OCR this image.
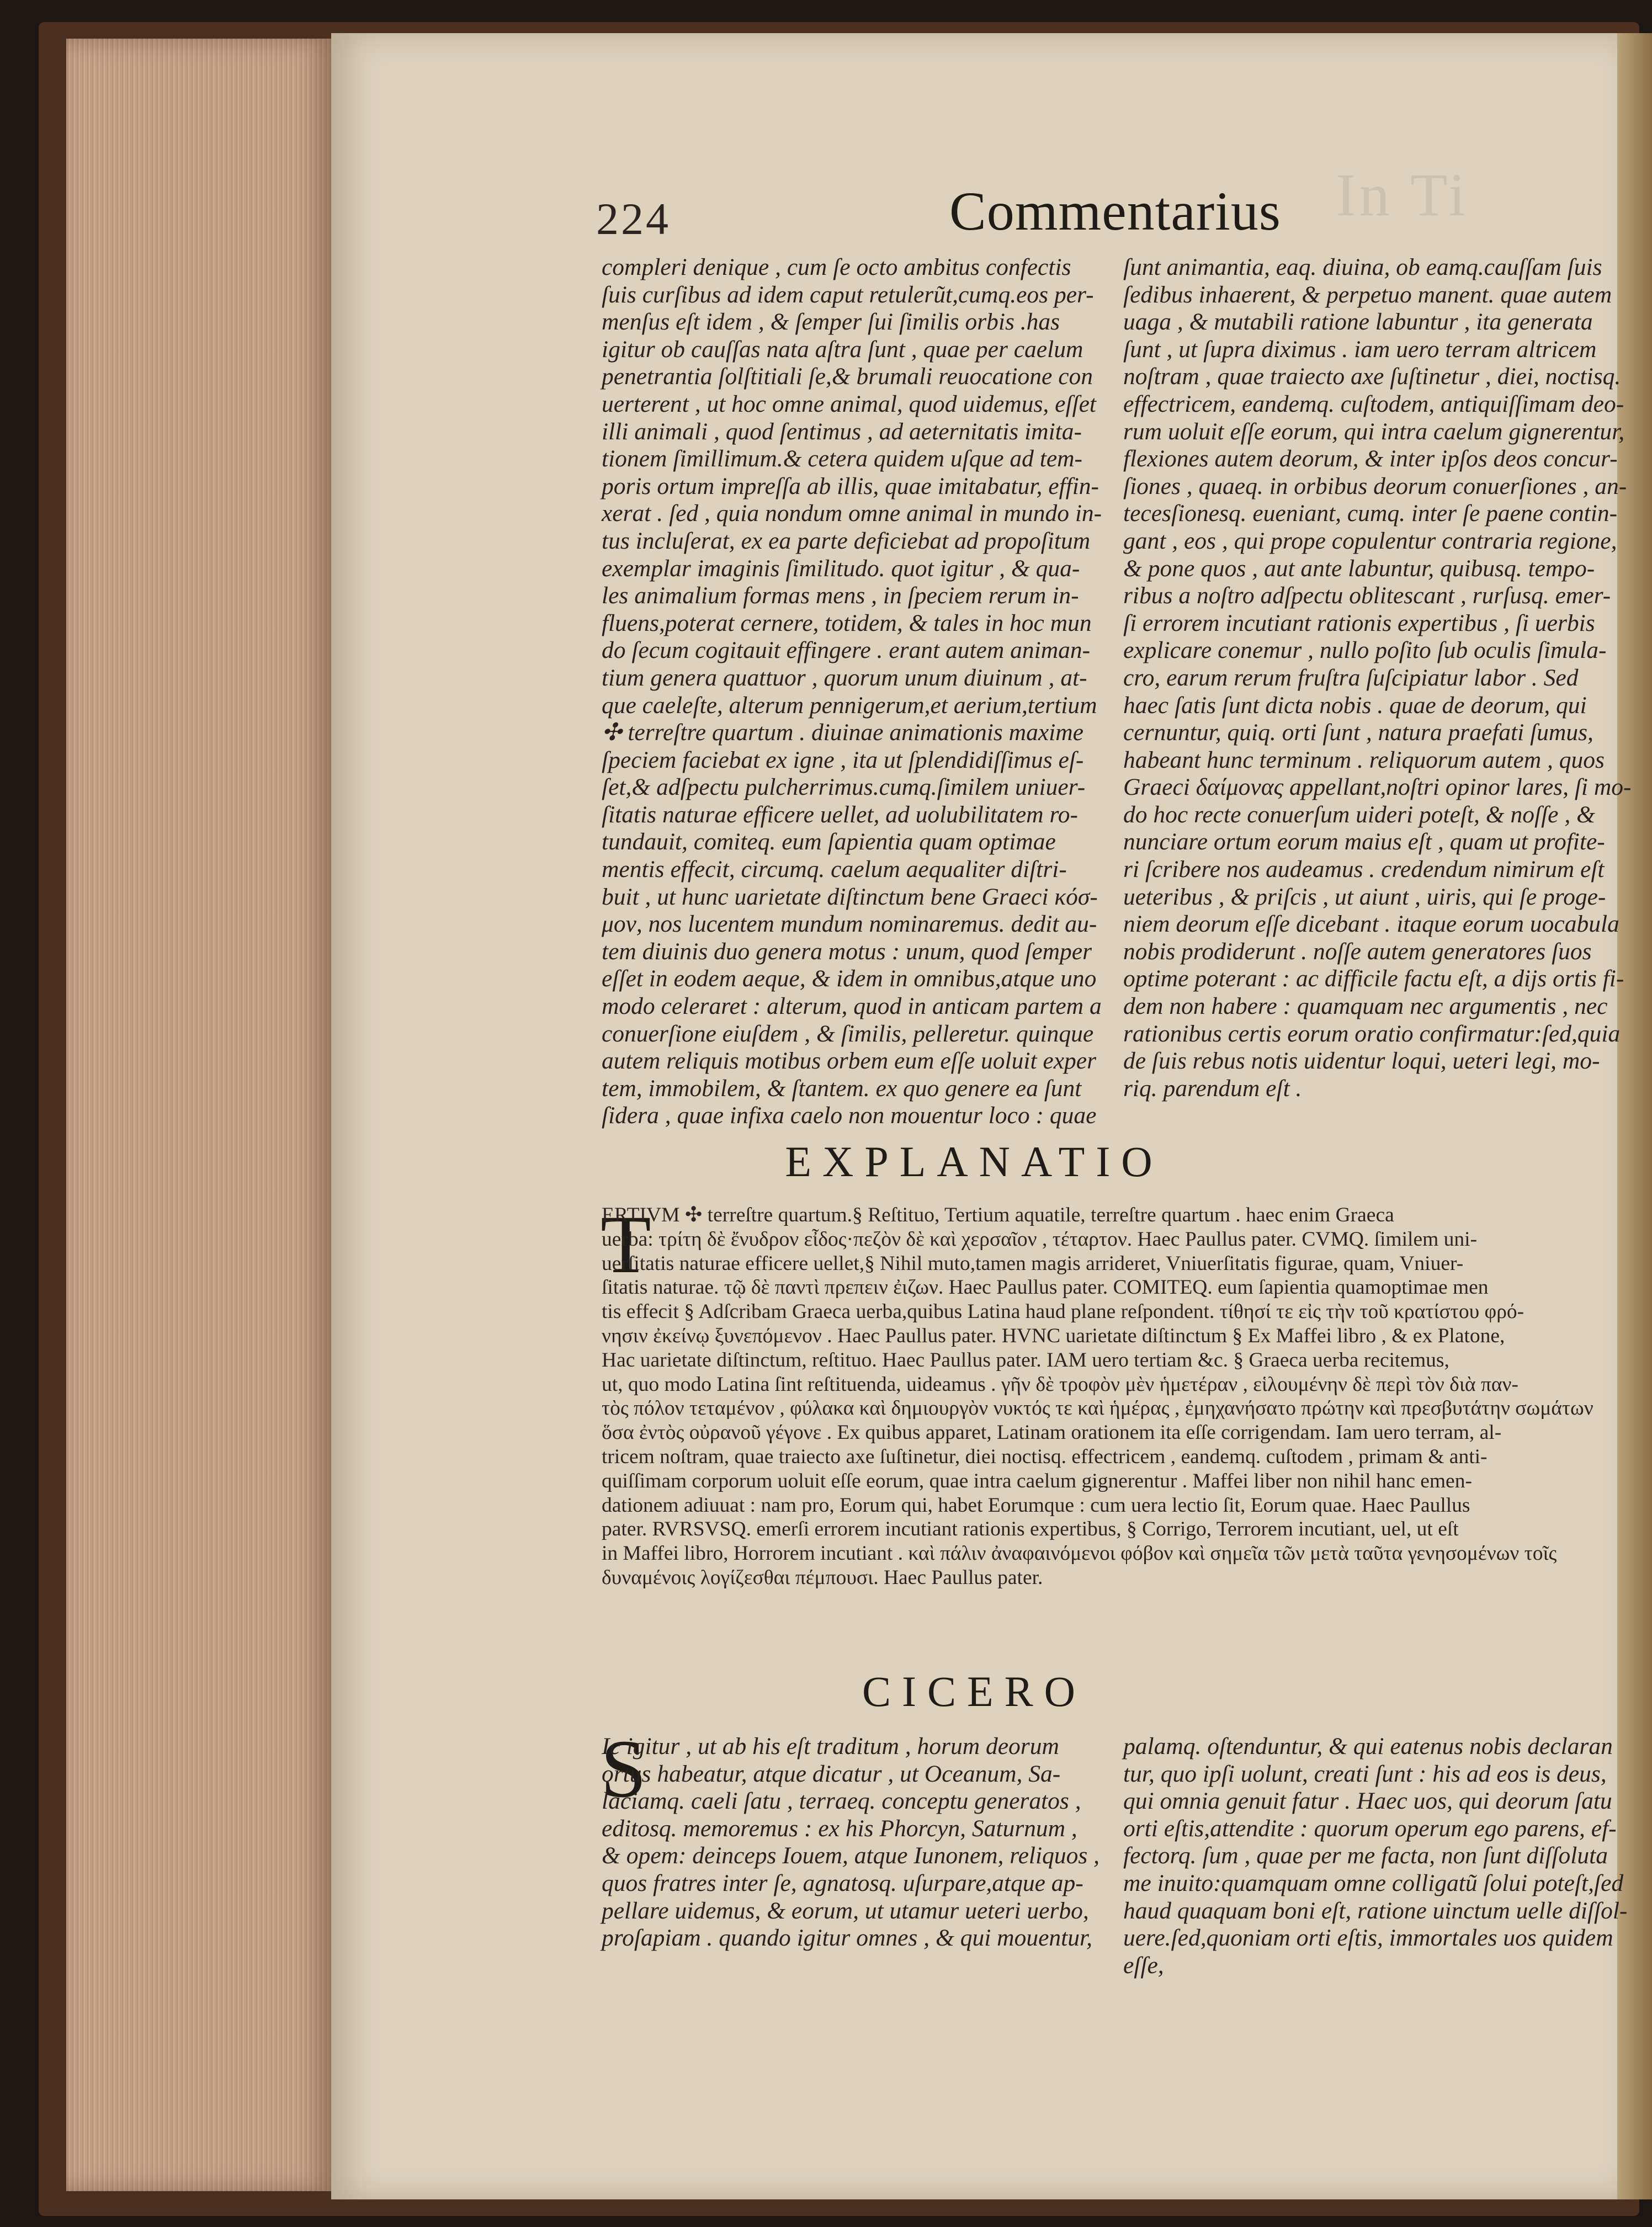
In Ti
224	Commentarius
compleri denique , cum ſe octo ambitus confectis
ſuis curſibus ad idem caput retulerũt,cumq.eos per-
menſus eſt idem , & ſemper ſui ſimilis orbis .has
igitur ob cauſſas nata aſtra ſunt , quae per caelum
penetrantia ſolſtitiali ſe,& brumali reuocatione con
uerterent , ut hoc omne animal, quod uidemus, eſſet
illi animali , quod ſentimus , ad aeternitatis imita-
tionem ſimillimum.& cetera quidem uſque ad tem-
poris ortum impreſſa ab illis, quae imitabatur, effin-
xerat . ſed , quia nondum omne animal in mundo in-
tus incluſerat, ex ea parte deficiebat ad propoſitum
exemplar imaginis ſimilitudo. quot igitur , & qua-
les animalium formas mens , in ſpeciem rerum in-
fluens,poterat cernere, totidem, & tales in hoc mun
do ſecum cogitauit effingere . erant autem animan-
tium genera quattuor , quorum unum diuinum , at-
que caeleſte, alterum pennigerum,et aerium,tertium
✣ terreſtre quartum . diuinae animationis maxime
ſpeciem faciebat ex igne , ita ut ſplendidiſſimus eſ-
ſet,& adſpectu pulcherrimus.cumq.ſimilem uniuer-
ſitatis naturae efficere uellet, ad uolubilitatem ro-
tundauit, comiteq. eum ſapientia quam optimae
mentis effecit, circumq. caelum aequaliter diſtri-
buit , ut hunc uarietate diſtinctum bene Graeci κόσ-
μον, nos lucentem mundum nominaremus. dedit au-
tem diuinis duo genera motus : unum, quod ſemper
eſſet in eodem aeque, & idem in omnibus,atque uno
modo celeraret : alterum, quod in anticam partem a
conuerſione eiuſdem , & ſimilis, pelleretur. quinque
autem reliquis motibus orbem eum eſſe uoluit exper
tem, immobilem, & ſtantem. ex quo genere ea ſunt
ſidera , quae infixa caelo non mouentur loco : quae
ſunt animantia, eaq. diuina, ob eamq.cauſſam ſuis
ſedibus inhaerent, & perpetuo manent. quae autem
uaga , & mutabili ratione labuntur , ita generata
ſunt , ut ſupra diximus . iam uero terram altricem
noſtram , quae traiecto axe ſuſtinetur , diei, noctisq.
effectricem, eandemq. cuſtodem, antiquiſſimam deo-
rum uoluit eſſe eorum, qui intra caelum gignerentur,
flexiones autem deorum, & inter ipſos deos concur-
ſiones , quaeq. in orbibus deorum conuerſiones , an-
tecesſionesq. eueniant, cumq. inter ſe paene contin-
gant , eos , qui prope copulentur contraria regione,
& pone quos , aut ante labuntur, quibusq. tempo-
ribus a noſtro adſpectu oblitescant , rurſusq. emer-
ſi errorem incutiant rationis expertibus , ſi uerbis
explicare conemur , nullo poſito ſub oculis ſimula-
cro, earum rerum fruſtra ſuſcipiatur labor . Sed
haec ſatis ſunt dicta nobis . quae de deorum, qui
cernuntur, quiq. orti ſunt , natura praefati ſumus,
habeant hunc terminum . reliquorum autem , quos
Graeci δαίμονας appellant,noſtri opinor lares, ſi mo-
do hoc recte conuerſum uideri poteſt, & noſſe , &
nunciare ortum eorum maius eſt , quam ut profite-
ri ſcribere nos audeamus . credendum nimirum eſt
ueteribus , & priſcis , ut aiunt , uiris, qui ſe proge-
niem deorum eſſe dicebant . itaque eorum uocabula
nobis prodiderunt . noſſe autem generatores ſuos
optime poterant : ac difficile factu eſt, a dijs ortis fi-
dem non habere : quamquam nec argumentis , nec
rationibus certis eorum oratio confirmatur:ſed,quia
de ſuis rebus notis uidentur loqui, ueteri legi, mo-
riq. parendum eſt .
EXPLANATIO
T
ERTIVM ✣ terreſtre quartum.§ Reſtituo, Tertium aquatile, terreſtre quartum . haec enim Graeca
uerba: τρίτη δὲ ἔνυδρον εἶδος·πεζὸν δὲ καὶ χερσαῖον , τέταρτον. Haec Paullus pater. CVMQ. ſimilem uni-
uerſitatis naturae efficere uellet,§ Nihil muto,tamen magis arrideret, Vniuerſitatis figurae, quam, Vniuer-
ſitatis naturae. τῷ δὲ παντὶ πρεπειν ἐιζων. Haec Paullus pater. COMITEQ. eum ſapientia quamoptimae men
tis effecit § Adſcribam Graeca uerba,quibus Latina haud plane reſpondent. τίθησί τε εἰς τὴν τοῦ κρατίστου φρό-
νησιν ἐκείνῳ ξυνεπόμενον . Haec Paullus pater. HVNC uarietate diſtinctum § Ex Maffei libro , & ex Platone,
Hac uarietate diſtinctum, reſtituo. Haec Paullus pater. IAM uero tertiam &c. § Graeca uerba recitemus,
ut, quo modo Latina ſint reſtituenda, uideamus . γῆν δὲ τροφὸν μὲν ἡμετέραν , εἱλουμένην δὲ περὶ τὸν διὰ παν-
τὸς πόλον τεταμένον , φύλακα καὶ δημιουργὸν νυκτός τε καὶ ἡμέρας , ἐμηχανήσατο πρώτην καὶ πρεσβυτάτην σωμάτων
ὅσα ἐντὸς οὐρανοῦ γέγονε . Ex quibus apparet, Latinam orationem ita eſſe corrigendam. Iam uero terram, al-
tricem noſtram, quae traiecto axe ſuſtinetur, diei noctisq. effectricem , eandemq. cuſtodem , primam & anti-
quiſſimam corporum uoluit eſſe eorum, quae intra caelum gignerentur . Maffei liber non nihil hanc emen-
dationem adiuuat : nam pro, Eorum qui, habet Eorumque : cum uera lectio ſit, Eorum quae. Haec Paullus
pater. RVRSVSQ. emerſi errorem incutiant rationis expertibus, § Corrigo, Terrorem incutiant, uel, ut eſt
in Maffei libro, Horrorem incutiant . καὶ πάλιν ἀναφαινόμενοι φόβον καὶ σημεῖα τῶν μετὰ ταῦτα γενησομένων τοῖς
δυναμένοις λογίζεσθαι πέμπουσι. Haec Paullus pater.
CICERO
S
Ic igitur , ut ab his eſt traditum , horum deorum
ortus habeatur, atque dicatur , ut Oceanum, Sa-
laciamq. caeli ſatu , terraeq. conceptu generatos ,
editosq. memoremus : ex his Phorcyn, Saturnum ,
& opem: deinceps Iouem, atque Iunonem, reliquos ,
quos fratres inter ſe, agnatosq. uſurpare,atque ap-
pellare uidemus, & eorum, ut utamur ueteri uerbo,
proſapiam . quando igitur omnes , & qui mouentur,
palamq. oſtenduntur, & qui eatenus nobis declaran
tur, quo ipſi uolunt, creati ſunt : his ad eos is deus,
qui omnia genuit fatur . Haec uos, qui deorum ſatu
orti eſtis,attendite : quorum operum ego parens, ef-
fectorq. ſum , quae per me facta, non ſunt diſſoluta
me inuito:quamquam omne colligatũ ſolui poteſt,ſed
haud quaquam boni eſt, ratione uinctum uelle diſſol-
uere.ſed,quoniam orti eſtis, immortales uos quidem
eſſe,
